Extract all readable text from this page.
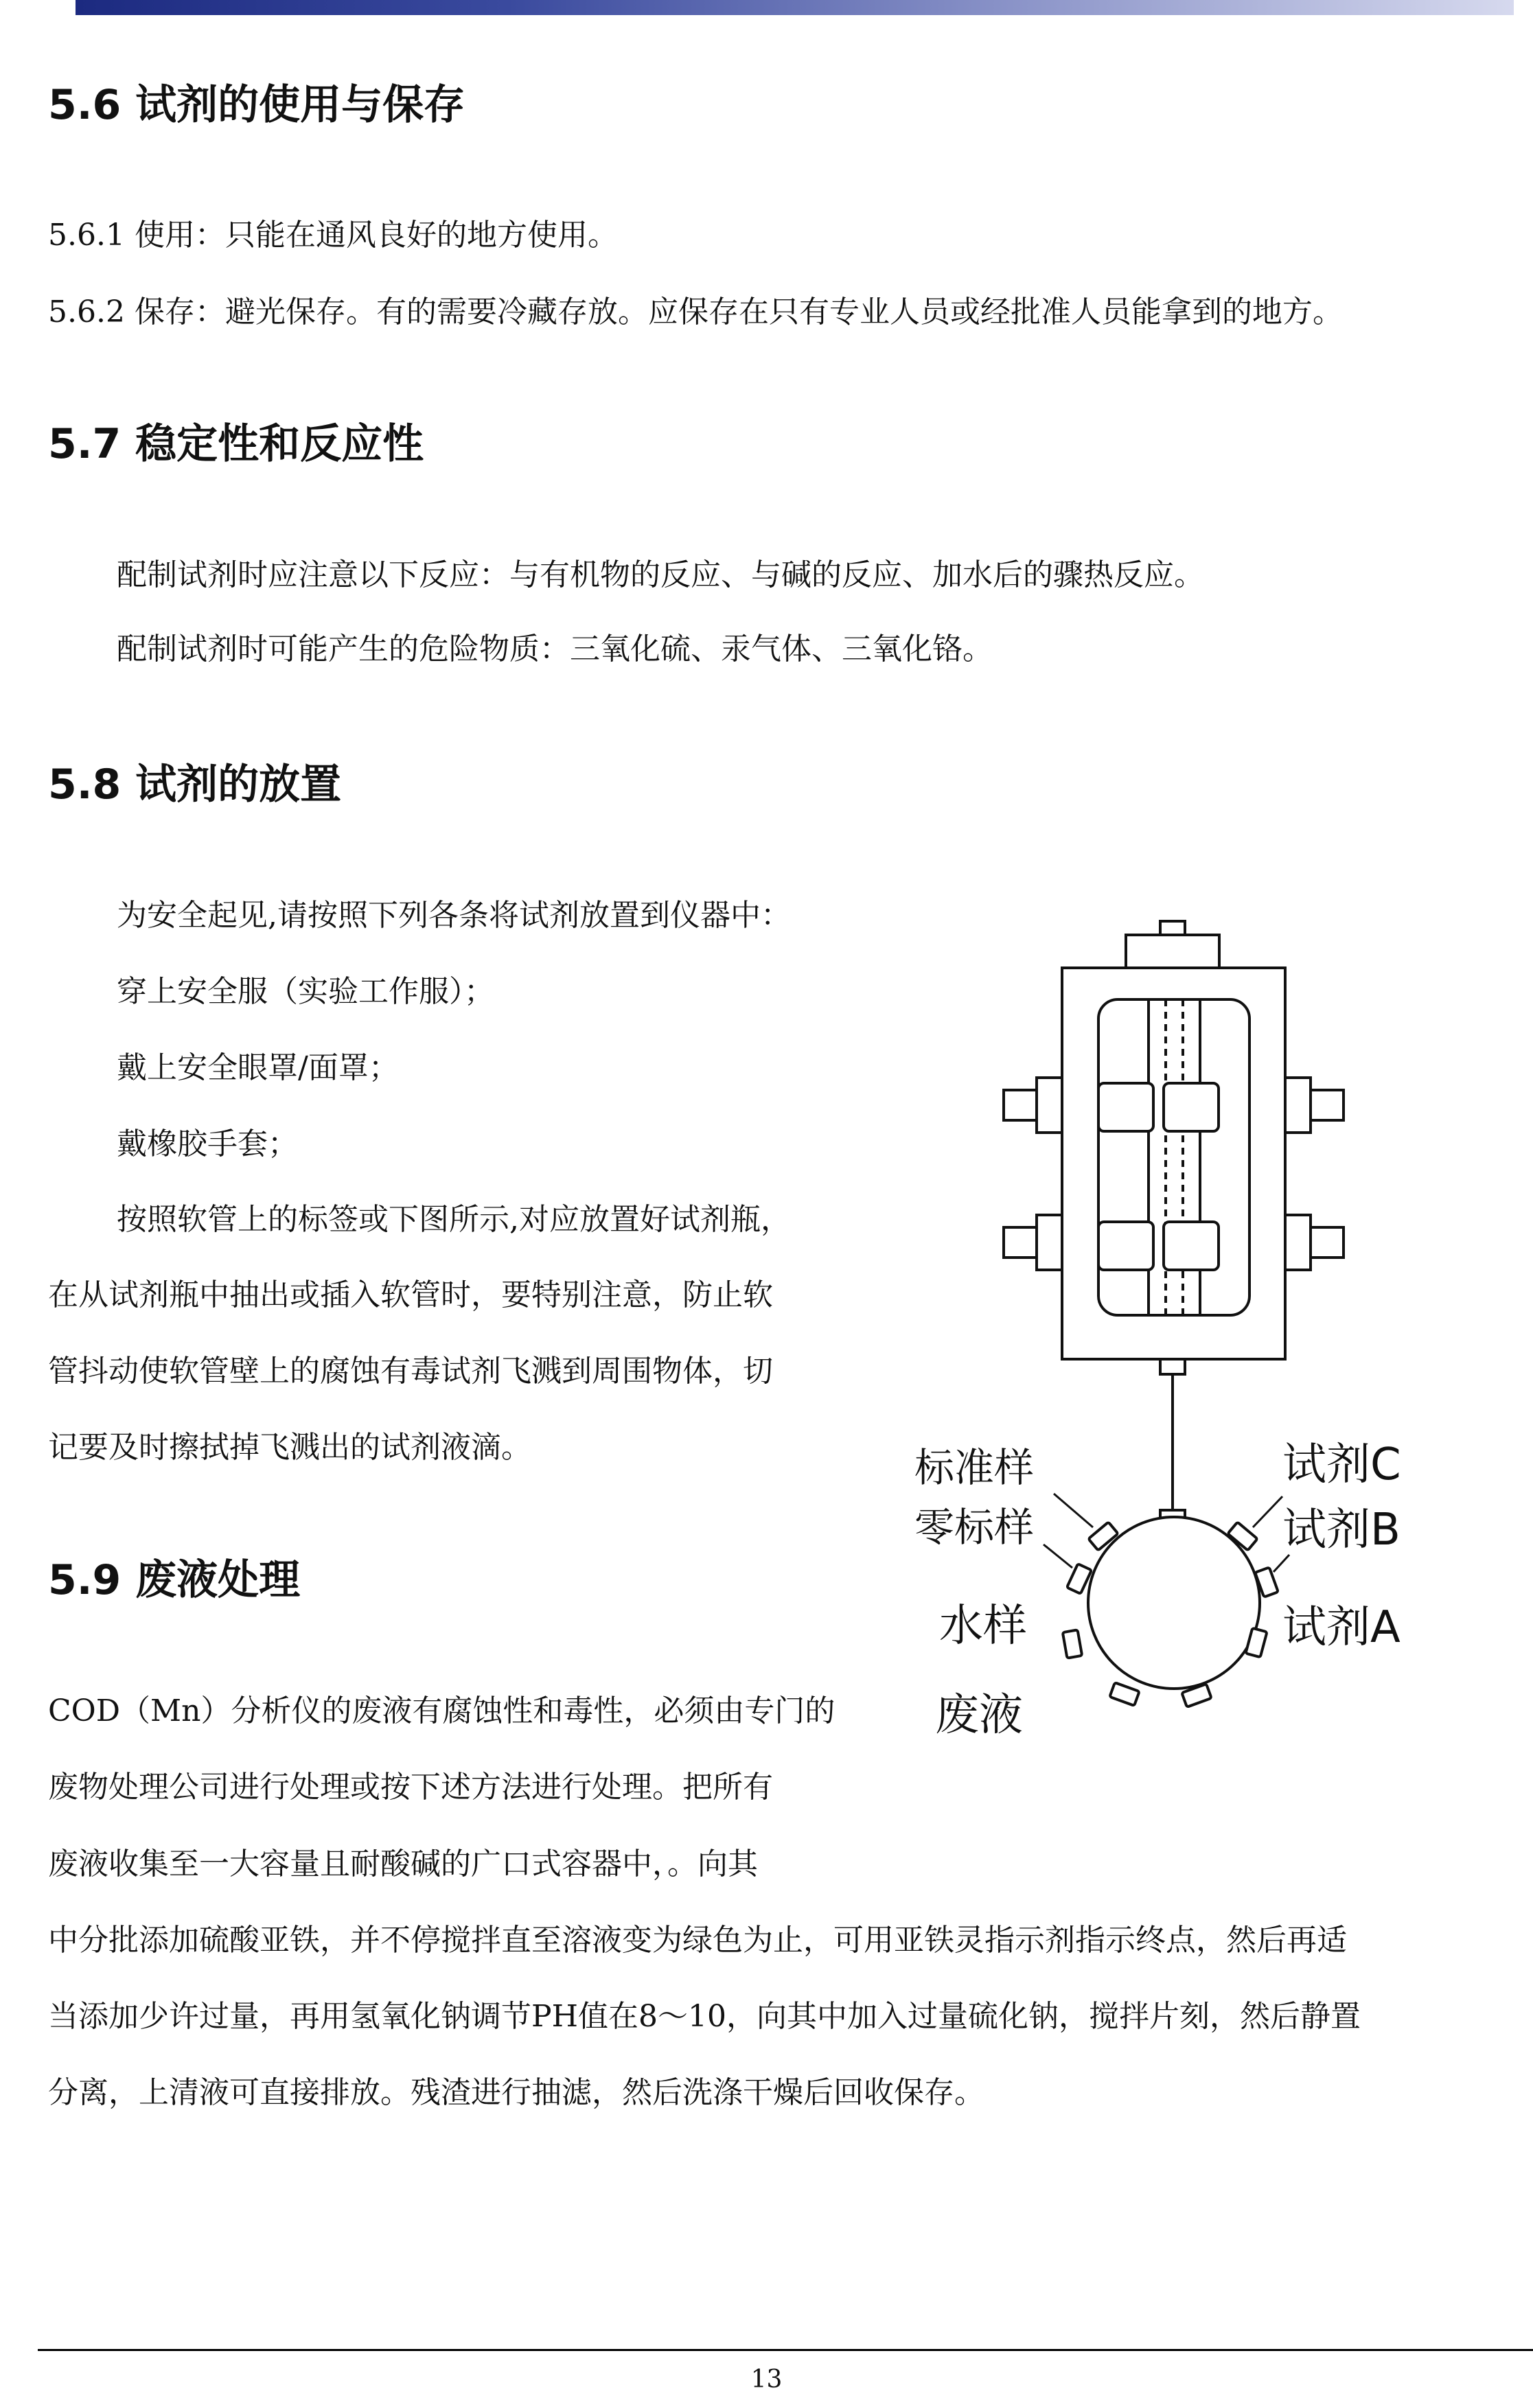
5.6 试剂的使用与保存

5.6.1 使用：只能在通风良好的地方使用。

5.6.2 保存：避光保存。有的需要冷藏存放。应保存在只有专业人员或经批准人员能拿到的地方。

5.7 稳定性和反应性

配制试剂时应注意以下反应：与有机物的反应、与碱的反应、加水后的骤热反应。

配制试剂时可能产生的危险物质：三氧化硫、汞气体、三氧化铬。

5.8 试剂的放置

为安全起见,请按照下列各条将试剂放置到仪器中：

穿上安全服（实验工作服）；

戴上安全眼罩/面罩；

戴橡胶手套；

按照软管上的标签或下图所示,对应放置好试剂瓶，

在从试剂瓶中抽出或插入软管时，要特别注意，防止软

管抖动使软管壁上的腐蚀有毒试剂飞溅到周围物体，切

记要及时擦拭掉飞溅出的试剂液滴。

5.9 废液处理

COD（Mn）分析仪的废液有腐蚀性和毒性，必须由专门的

废物处理公司进行处理或按下述方法进行处理。把所有

废液收集至一大容量且耐酸碱的广口式容器中，。向其

中分批添加硫酸亚铁，并不停搅拌直至溶液变为绿色为止，可用亚铁灵指示剂指示终点，然后再适

当添加少许过量，再用氢氧化钠调节PH值在8～10，向其中加入过量硫化钠，搅拌片刻，然后静置

分离，上清液可直接排放。残渣进行抽滤，然后洗涤干燥后回收保存。

标准样
零标样
水样
废液
试剂C
试剂B
试剂A
13
